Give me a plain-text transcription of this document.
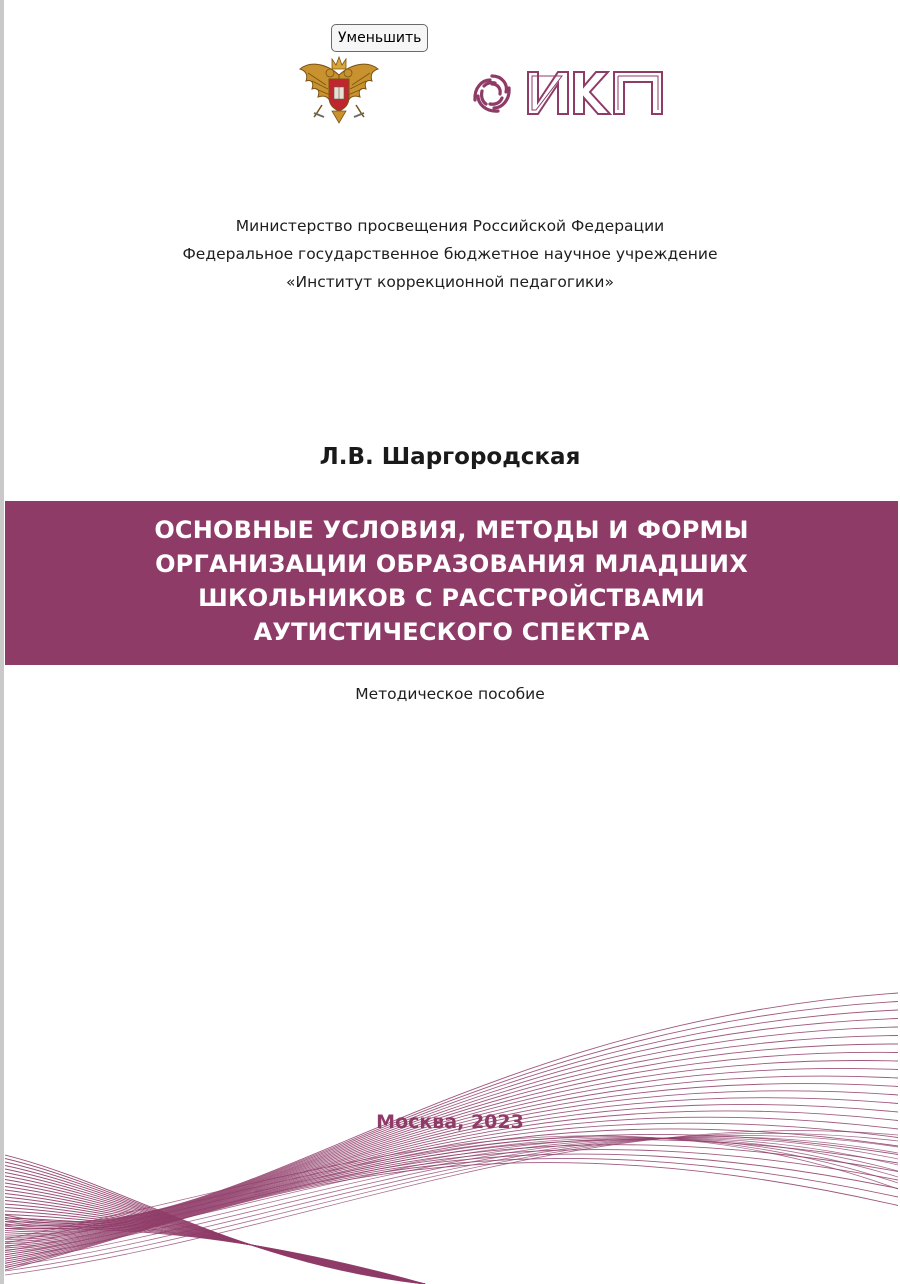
Уменьшить
Министерство просвещения Российской Федерации
Федеральное государственное бюджетное научное учреждение
«Институт коррекционной педагогики»
Л.В. Шаргородская
ОСНОВНЫЕ УСЛОВИЯ, МЕТОДЫ И ФОРМЫ
ОРГАНИЗАЦИИ ОБРАЗОВАНИЯ МЛАДШИХ
ШКОЛЬНИКОВ С РАССТРОЙСТВАМИ
АУТИСТИЧЕСКОГО СПЕКТРА
Методическое пособие
Москва, 2023
